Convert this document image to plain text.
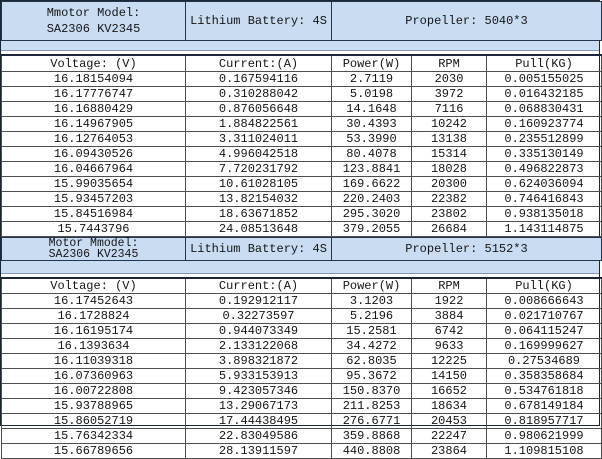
Mmotor Model:
SA2306 KV2345
	Lithium Battery: 4S	Propeller: 5040*3
Voltage: (V)	Current:(A)	Power(W)	RPM	Pull(KG)
16.18154094	0.167594116	2.7119	2030	0.005155025
16.17776747	0.310288042	5.0198	3972	0.016432185
16.16880429	0.876056648	14.1648	7116	0.068830431
16.14967905	1.884822561	30.4393	10242	0.160923774
16.12764053	3.311024011	53.3990	13138	0.235512899
16.09430526	4.996042518	80.4078	15314	0.335130149
16.04667964	7.720231792	123.8841	18028	0.496822873
15.99035654	10.61028105	169.6622	20300	0.624036094
15.93457203	13.82154032	220.2403	22382	0.746416843
15.84516984	18.63671852	295.3020	23802	0.938135018
15.7443796	24.08513648	379.2055	26684	1.143114875
Motor Mmodel:
SA2306 KV2345	Lithium Battery: 4S	Propeller: 5152*3
Voltage: (V)	Current:(A)	Power(W)	RPM	Pull(KG)
16.17452643	0.192912117	3.1203	1922	0.008666643
16.1728824	0.32273597	5.2196	3884	0.021710767
16.16195174	0.944073349	15.2581	6742	0.064115247
16.1393634	2.133122068	34.4272	9633	0.169999627
16.11039318	3.898321872	62.8035	12225	0.27534689
16.07360963	5.933153913	95.3672	14150	0.358358684
16.00722808	9.423057346	150.8370	16652	0.534761818
15.93788965	13.29067173	211.8253	18634	0.678149184
15.86052719	17.44438495	276.6771	20453	0.818957717
15.76342334	22.83049586	359.8868	22247	0.980621999
15.66789656	28.13911597	440.8808	23864	1.109815108
